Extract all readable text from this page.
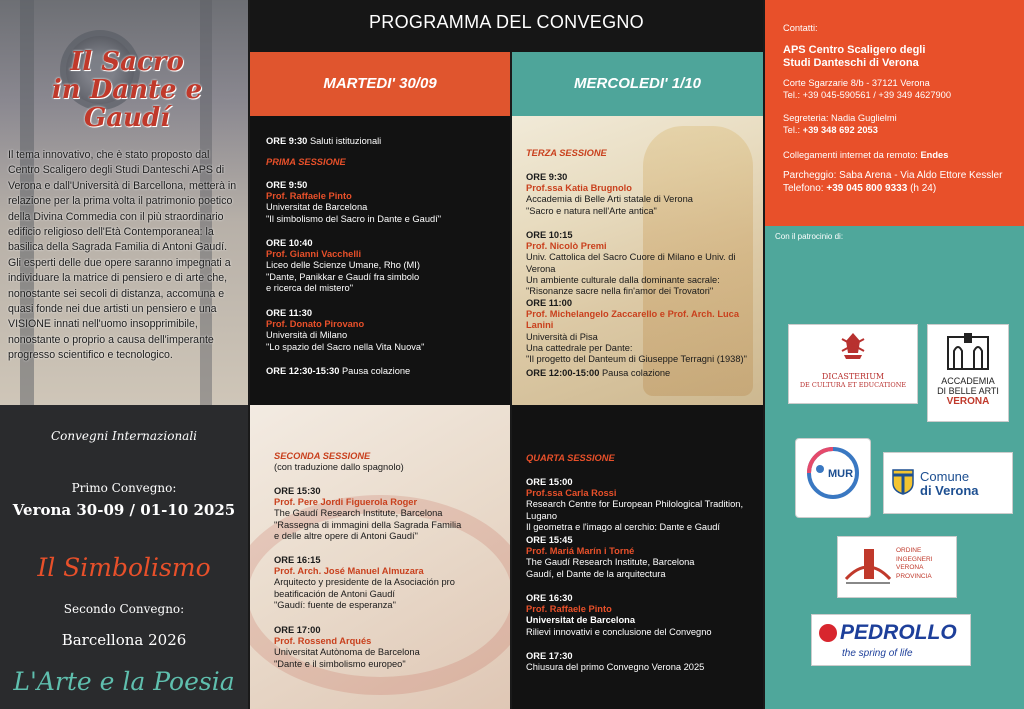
Il Sacro
in Dante e Gaudí
Il tema innovativo, che è stato proposto dal Centro Scaligero degli Studi Danteschi APS di Verona e dall'Università di Barcellona, metterà in relazione per la prima volta il patrimonio poetico della Divina Commedia con il più straordinario edificio religioso dell'Età Contemporanea: la basilica della Sagrada Familia di Antoni Gaudí. Gli esperti delle due opere saranno impegnati a individuare la matrice di pensiero e di arte che, nonostante sei secoli di distanza, accomuna e quasi fonde nei due artisti un pensiero e una VISIONE innati nell'uomo insopprimibile, nonostante o proprio a causa dell'imperante progresso scientifico e tecnologico.
Convegni Internazionali
Primo Convegno:
Verona 30-09 / 01-10 2025
Il Simbolismo
Secondo Convegno:
Barcellona 2026
L'Arte e la Poesia
PROGRAMMA DEL CONVEGNO
MARTEDI' 30/09	MERCOLEDI' 1/10
ORE 9:30 Saluti istituzionali
PRIMA SESSIONE
ORE 9:50
Prof. Raffaele Pinto
Universitat de Barcelona
"Il simbolismo del Sacro in Dante e Gaudí"
ORE 10:40
Prof. Gianni Vacchelli
Liceo delle Scienze Umane, Rho (MI)
"Dante, Panikkar e Gaudí fra simbolo
e ricerca del mistero"
ORE 11:30
Prof. Donato Pirovano
Università di Milano
"Lo spazio del Sacro nella Vita Nuova"
ORE 12:30-15:30 Pausa colazione
TERZA SESSIONE
ORE 9:30
Prof.ssa Katia Brugnolo
Accademia di Belle Arti statale di Verona
"Sacro e natura nell'Arte antica"
ORE 10:15
Prof. Nicolò Premi
Univ. Cattolica del Sacro Cuore di Milano e Univ. di Verona
Un ambiente culturale dalla dominante sacrale:
"Risonanze sacre nella fin'amor dei Trovatori"
ORE 11:00
Prof. Michelangelo Zaccarello e Prof. Arch. Luca Lanini
Università di Pisa
Una cattedrale per Dante:
"Il progetto del Danteum di Giuseppe Terragni (1938)"
ORE 12:00-15:00 Pausa colazione
SECONDA SESSIONE
(con traduzione dallo spagnolo)
ORE 15:30
Prof. Pere Jordi Figuerola Roger
The Gaudí Research Institute, Barcelona
"Rassegna di immagini della Sagrada Familia
e delle altre opere di Antoni Gaudí"
ORE 16:15
Prof. Arch. José Manuel Almuzara
Arquitecto y presidente de la Asociación pro
beatificación de Antoni Gaudí
"Gaudí: fuente de esperanza"
ORE 17:00
Prof. Rossend Arqués
Universitat Autònoma de Barcelona
"Dante e il simbolismo europeo"
QUARTA SESSIONE
ORE 15:00
Prof.ssa Carla Rossi
Research Centre for European Philological Tradition, Lugano
Il geometra e l'imago al cerchio: Dante e Gaudí
ORE 15:45
Prof. Mariá Marín i Torné
The Gaudí Research Institute, Barcelona
Gaudí, el Dante de la arquitectura
ORE 16:30
Prof. Raffaele Pinto
Universitat de Barcelona
Rilievi innovativi e conclusione del Convegno
ORE 17:30
Chiusura del primo Convegno Verona 2025
Contatti:
APS Centro Scaligero degli
Studi Danteschi di Verona
Corte Sgarzarie 8/b - 37121 Verona
Tel.: +39 045-590561 / +39 349 4627900
Segreteria: Nadia Guglielmi
Tel.: +39 348 692 2053
Collegamenti internet da remoto: Endes
Parcheggio: Saba Arena - Via Aldo Ettore Kessler
Telefono: +39 045 800 9333 (h 24)
Con il patrocinio di:
DICASTERIUM
DE CULTURA ET EDUCATIONE	ACCADEMIA
DI BELLE ARTI
VERONA
MUR	Comune
di Verona
ORDINE
INGEGNERI
VERONA
PROVINCIA
PEDROLLO
the spring of life
